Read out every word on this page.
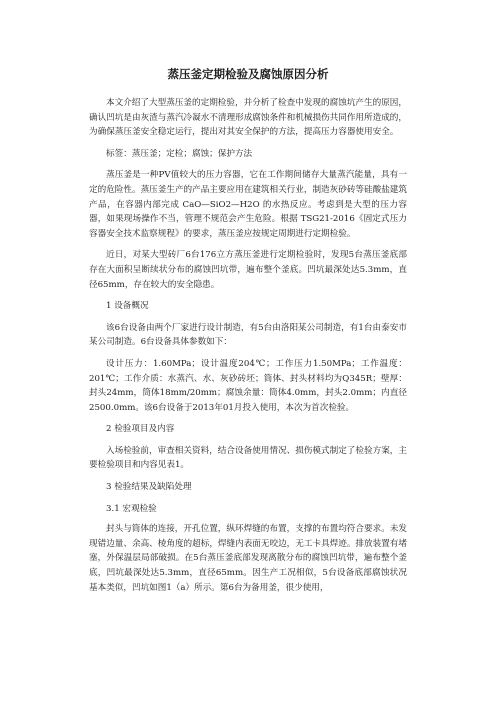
蒸压釜定期检验及腐蚀原因分析

本文介绍了大型蒸压釜的定期检验，并分析了检查中发现的腐蚀坑产生的原因，确认凹坑是由灰渣与蒸汽冷凝水不清理形成腐蚀条件和机械损伤共同作用所造成的，为确保蒸压釜安全稳定运行，提出对其安全保护的方法，提高压力容器使用安全。

标签：蒸压釜；定检；腐蚀；保护方法

蒸压釜是一种PV值较大的压力容器，它在工作期间储存大量蒸汽能量，具有一定的危险性。蒸压釜生产的产品主要应用在建筑相关行业，制造灰砂砖等硅酸盐建筑产品，在容器内部完成 CaO—SiO2—H2O 的水热反应。考虑到是大型的压力容器，如果现场操作不当，管理不规范会产生危险。根据 TSG21-2016《固定式压力容器安全技术监察规程》的要求，蒸压釜应按规定周期进行定期检验。

近日，对某大型砖厂6台176立方蒸压釜进行定期检验时，发现5台蒸压釜底部存在大面积呈断续状分布的腐蚀凹坑带，遍布整个釜底。凹坑最深处达5.3mm，直径65mm，存在较大的安全隐患。

1 设备概况

该6台设备由两个厂家进行设计制造，有5台由洛阳某公司制造，有1台由泰安市某公司制造。6台设备具体参数如下：

设计压力：1.60MPa；设计温度204℃；工作压力1.50MPa；工作温度：201℃；工作介质：水蒸汽、水、灰砂砖坯；筒体、封头材料均为Q345R；壁厚：封头24mm，筒体18mm/20mm；腐蚀余量：筒体4.0mm，封头2.0mm；内直径2500.0mm。该6台设备于2013年01月投入使用，本次为首次检验。

2 检验项目及内容

入场检验前，审查相关资料，结合设备使用情况、损伤模式制定了检验方案，主要检验项目和内容见表1。

3 检验结果及缺陷处理

3.1 宏观检验

封头与筒体的连接，开孔位置，纵环焊缝的布置，支撑的布置均符合要求。未发现错边量、余高、棱角度的超标，焊缝内表面无咬边，无工卡具焊迹。排放装置有堵塞，外保温层局部破损。在5台蒸压釜底部发现离散分布的腐蚀凹坑带，遍布整个釜底，凹坑最深处达5.3mm，直径65mm。因生产工况相似，5台设备底部腐蚀状况基本类似，凹坑如图1（a）所示。第6台为备用釜，很少使用，
